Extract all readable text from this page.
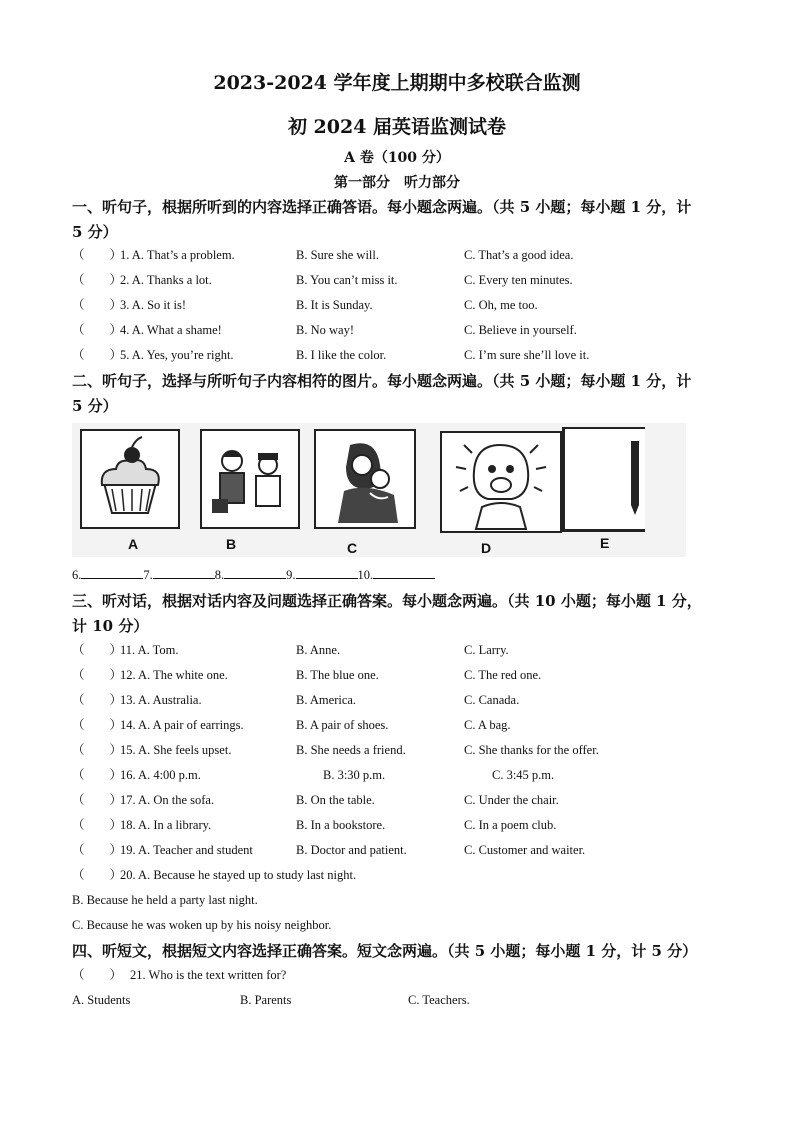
2023-2024 学年度上期期中多校联合监测
初 2024 届英语监测试卷
A 卷（100 分）
第一部分　听力部分
一、听句子，根据所听到的内容选择正确答语。每小题念两遍。（共 5 小题；每小题 1 分，计
5 分）
（　　）
1. A. That’s a problem.	B. Sure she will.	C. That’s a good idea.
（　　）
2. A. Thanks a lot.	B. You can’t miss it.	C. Every ten minutes.
（　　）
3. A. So it is!	B. It is Sunday.	C. Oh, me too.
（　　）
4. A. What a shame!	B. No way!	C. Believe in yourself.
（　　）
5. A. Yes, you’re right.	B. I like the color.	C. I’m sure she’ll love it.
二、听句子，选择与所听句子内容相符的图片。每小题念两遍。（共 5 小题；每小题 1 分，计
5 分）
A	B	C	D	E
6.	7.	8.	9.	10.
三、听对话，根据对话内容及问题选择正确答案。每小题念两遍。（共 10 小题；每小题 1 分，
计 10 分）
（　　）
11. A. Tom.	B. Anne.	C. Larry.
（　　）
12. A. The white one.	B. The blue one.	C. The red one.
（　　）
13. A. Australia.	B. America.	C. Canada.
（　　）
14. A. A pair of earrings.	B. A pair of shoes.	C. A bag.
（　　）
15. A. She feels upset.	B. She needs a friend.	C. She thanks for the offer.
（　　）
16. A. 4:00 p.m.	B. 3:30 p.m.	C. 3:45 p.m.
（　　）
17. A. On the sofa.	B. On the table.	C. Under the chair.
（　　）
18. A. In a library.	B. In a bookstore.	C. In a poem club.
（　　）
19. A. Teacher and student	B. Doctor and patient.	C. Customer and waiter.
（　　）
20. A. Because he stayed up to study last night.
B. Because he held a party last night.
C. Because he was woken up by his noisy neighbor.
四、听短文，根据短文内容选择正确答案。短文念两遍。（共 5 小题；每小题 1 分，计 5 分）
（　　） 21. Who is the text written for?
A. Students	B. Parents	C. Teachers.
